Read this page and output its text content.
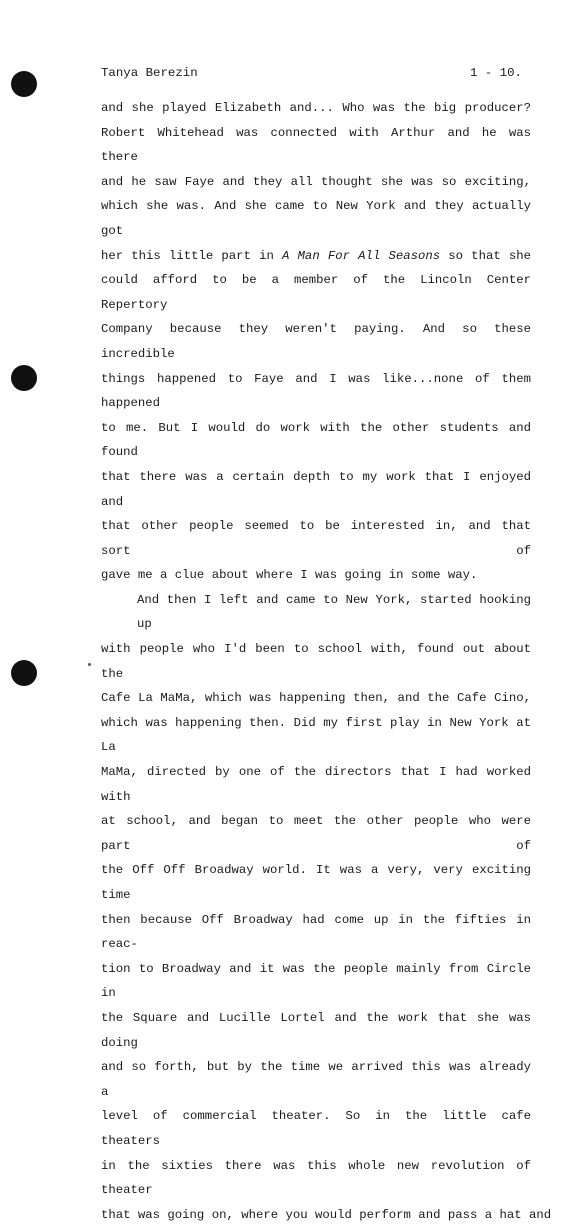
Tanya Berezin	1 - 10.
and she played Elizabeth and... Who was the big producer?
Robert Whitehead was connected with Arthur and he was there
and he saw Faye and they all thought she was so exciting,
which she was. And she came to New York and they actually got
her this little part in A Man For All Seasons so that she
could afford to be a member of the Lincoln Center Repertory
Company because they weren't paying. And so these incredible
things happened to Faye and I was like...none of them happened
to me. But I would do work with the other students and found
that there was a certain depth to my work that I enjoyed and
that other people seemed to be interested in, and that sort of
gave me a clue about where I was going in some way.
And then I left and came to New York, started hooking up
with people who I'd been to school with, found out about the
Cafe La MaMa, which was happening then, and the Cafe Cino,
which was happening then. Did my first play in New York at La
MaMa, directed by one of the directors that I had worked with
at school, and began to meet the other people who were part of
the Off Off Broadway world. It was a very, very exciting time
then because Off Broadway had come up in the fifties in reac-
tion to Broadway and it was the people mainly from Circle in
the Square and Lucille Lortel and the work that she was doing
and so forth, but by the time we arrived this was already a
level of commercial theater. So in the little cafe theaters
in the sixties there was this whole new revolution of theater
that was going on, where you would perform and pass a hat and
